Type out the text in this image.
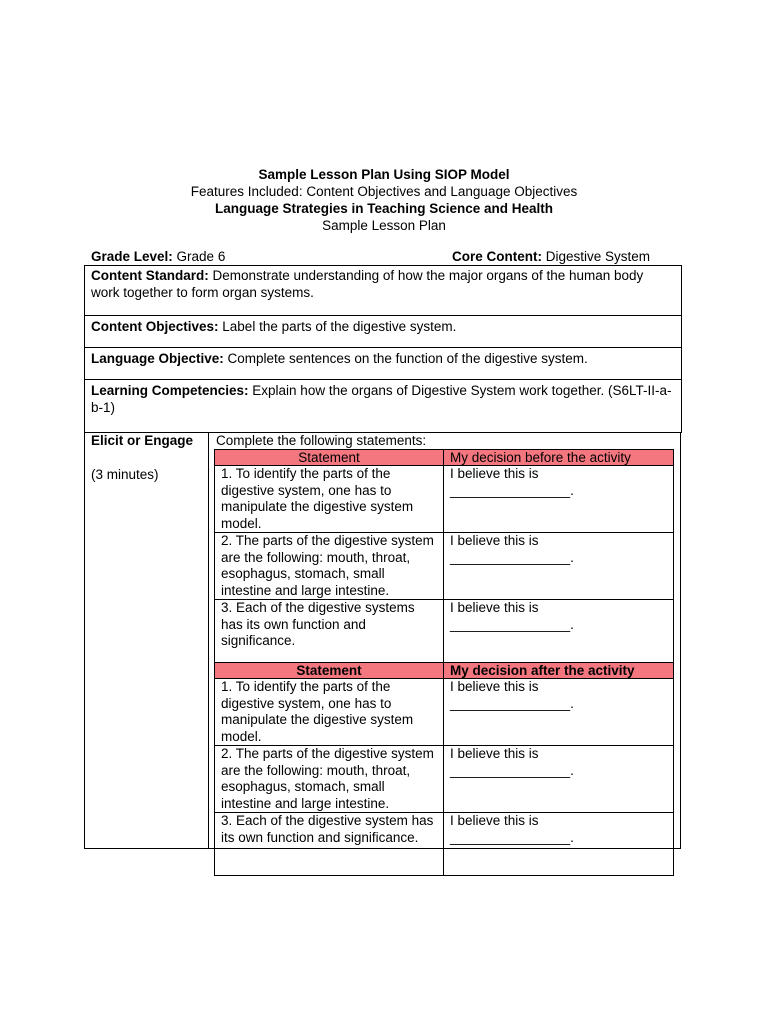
Sample Lesson Plan Using SIOP Model
Features Included: Content Objectives and Language Objectives
Language Strategies in Teaching Science and Health
Sample Lesson Plan
Grade Level: Grade 6	Core Content: Digestive System
Content Standard: Demonstrate understanding of how the major organs of the human body work together to form organ systems.
Content Objectives: Label the parts of the digestive system.
Language Objective: Complete sentences on the function of the digestive system.
Learning Competencies: Explain how the organs of Digestive System work together. (S6LT-II-a-b-1)
Elicit or Engage
(3 minutes)
Complete the following statements:
Statement	My decision before the activity
1. To identify the parts of the digestive system, one has to manipulate the digestive system model.	I believe this is
________________.

2. The parts of the digestive system are the following: mouth, throat, esophagus, stomach, small intestine and large intestine.	I believe this is
________________.

3. Each of the digestive systems has its own function and significance.	I believe this is
________________.

Statement	My decision after the activity
1. To identify the parts of the digestive system, one has to manipulate the digestive system model.	I believe this is
________________.

2. The parts of the digestive system are the following: mouth, throat, esophagus, stomach, small intestine and large intestine.	I believe this is
________________.

3. Each of the digestive system has its own function and significance.	I believe this is
________________.
